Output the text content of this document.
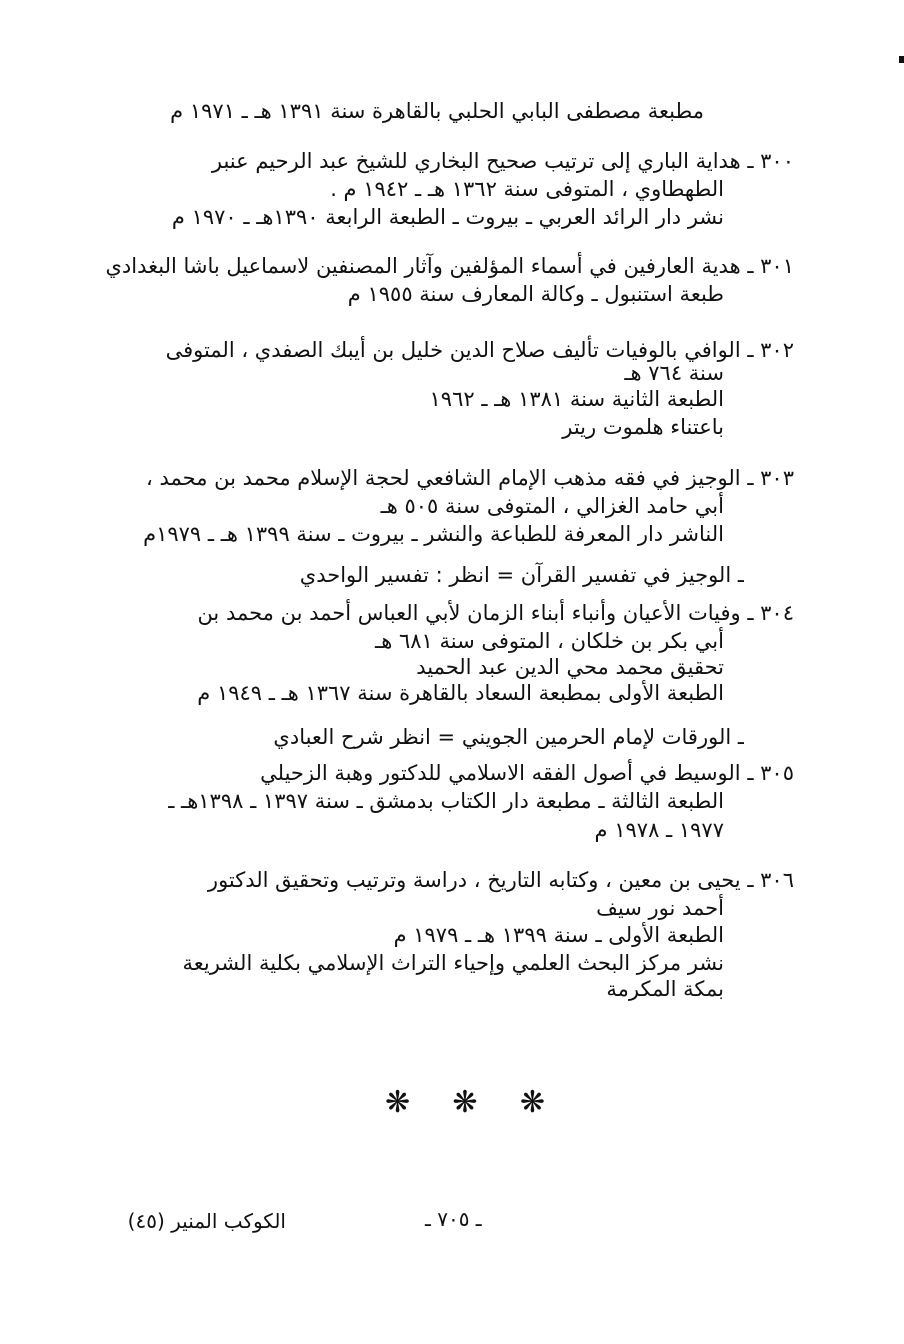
مطبعة مصطفى البابي الحلبي بالقاهرة سنة ١٣٩١ هـ ـ ١٩٧١ م
٣٠٠ ـ هداية الباري إلى ترتيب صحيح البخاري للشيخ عبد الرحيم عنبر
الطهطاوي ، المتوفى سنة ١٣٦٢ هـ ـ ١٩٤٢ م .
نشر دار الرائد العربي ـ بيروت ـ الطبعة الرابعة ١٣٩٠هـ ـ ١٩٧٠ م
٣٠١ ـ هدية العارفين في أسماء المؤلفين وآثار المصنفين لاسماعيل باشا البغدادي
طبعة استنبول ـ وكالة المعارف سنة ١٩٥٥ م
٣٠٢ ـ الوافي بالوفيات تأليف صلاح الدين خليل بن أيبك الصفدي ، المتوفى
سنة ٧٦٤ هـ
الطبعة الثانية سنة ١٣٨١ هـ ـ ١٩٦٢
باعتناء هلموت ريتر
٣٠٣ ـ الوجيز في فقه مذهب الإمام الشافعي لحجة الإسلام محمد بن محمد ،
أبي حامد الغزالي ، المتوفى سنة ٥٠٥ هـ
الناشر دار المعرفة للطباعة والنشر ـ بيروت ـ سنة ١٣٩٩ هـ ـ ١٩٧٩م
ـ الوجيز في تفسير القرآن = انظر : تفسير الواحدي
٣٠٤ ـ وفيات الأعيان وأنباء أبناء الزمان لأبي العباس أحمد بن محمد بن
أبي بكر بن خلكان ، المتوفى سنة ٦٨١ هـ
تحقيق محمد محي الدين عبد الحميد
الطبعة الأولى بمطبعة السعاد بالقاهرة سنة ١٣٦٧ هـ ـ ١٩٤٩ م
ـ الورقات لإمام الحرمين الجويني = انظر شرح العبادي
٣٠٥ ـ الوسيط في أصول الفقه الاسلامي للدكتور وهبة الزحيلي
الطبعة الثالثة ـ مطبعة دار الكتاب بدمشق ـ سنة ١٣٩٧ ـ ١٣٩٨هـ ـ
١٩٧٧ ـ ١٩٧٨ م
٣٠٦ ـ يحيى بن معين ، وكتابه التاريخ ، دراسة وترتيب وتحقيق الدكتور
أحمد نور سيف
الطبعة الأولى ـ سنة ١٣٩٩ هـ ـ ١٩٧٩ م
نشر مركز البحث العلمي وإحياء التراث الإسلامي بكلية الشريعة
بمكة المكرمة
❋ ❋ ❋
الكوكب المنير (٤٥)	ـ ٧٠٥ ـ
